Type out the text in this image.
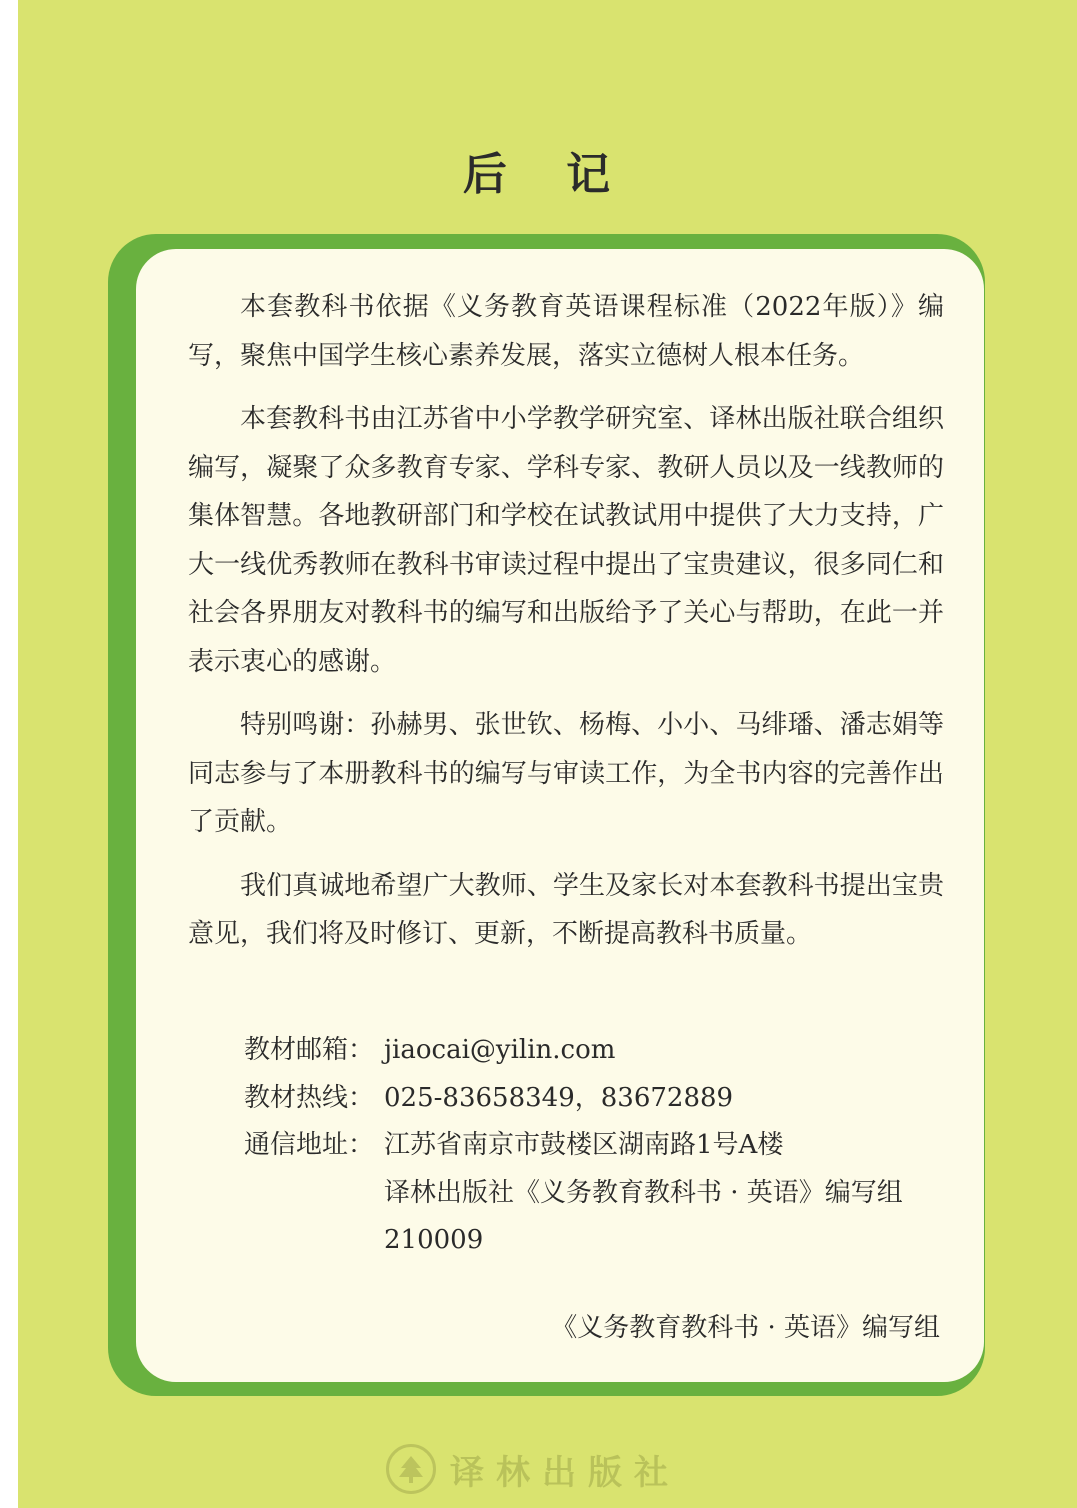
后 记

本套教科书依据《义务教育英语课程标准（2022年版）》编写，聚焦中国学生核心素养发展，落实立德树人根本任务。

本套教科书由江苏省中小学教学研究室、译林出版社联合组织编写，凝聚了众多教育专家、学科专家、教研人员以及一线教师的集体智慧。各地教研部门和学校在试教试用中提供了大力支持，广大一线优秀教师在教科书审读过程中提出了宝贵建议，很多同仁和社会各界朋友对教科书的编写和出版给予了关心与帮助，在此一并表示衷心的感谢。

特别鸣谢：孙赫男、张世钦、杨梅、小小、马绯璠、潘志娟等同志参与了本册教科书的编写与审读工作，为全书内容的完善作出了贡献。

我们真诚地希望广大教师、学生及家长对本套教科书提出宝贵意见，我们将及时修订、更新，不断提高教科书质量。

教材邮箱： jiaocai@yilin.com
教材热线： 025-83658349，83672889
通信地址： 江苏省南京市鼓楼区湖南路1号A楼
译林出版社《义务教育教科书 · 英语》编写组
210009
《义务教育教科书 · 英语》编写组
译林出版社
